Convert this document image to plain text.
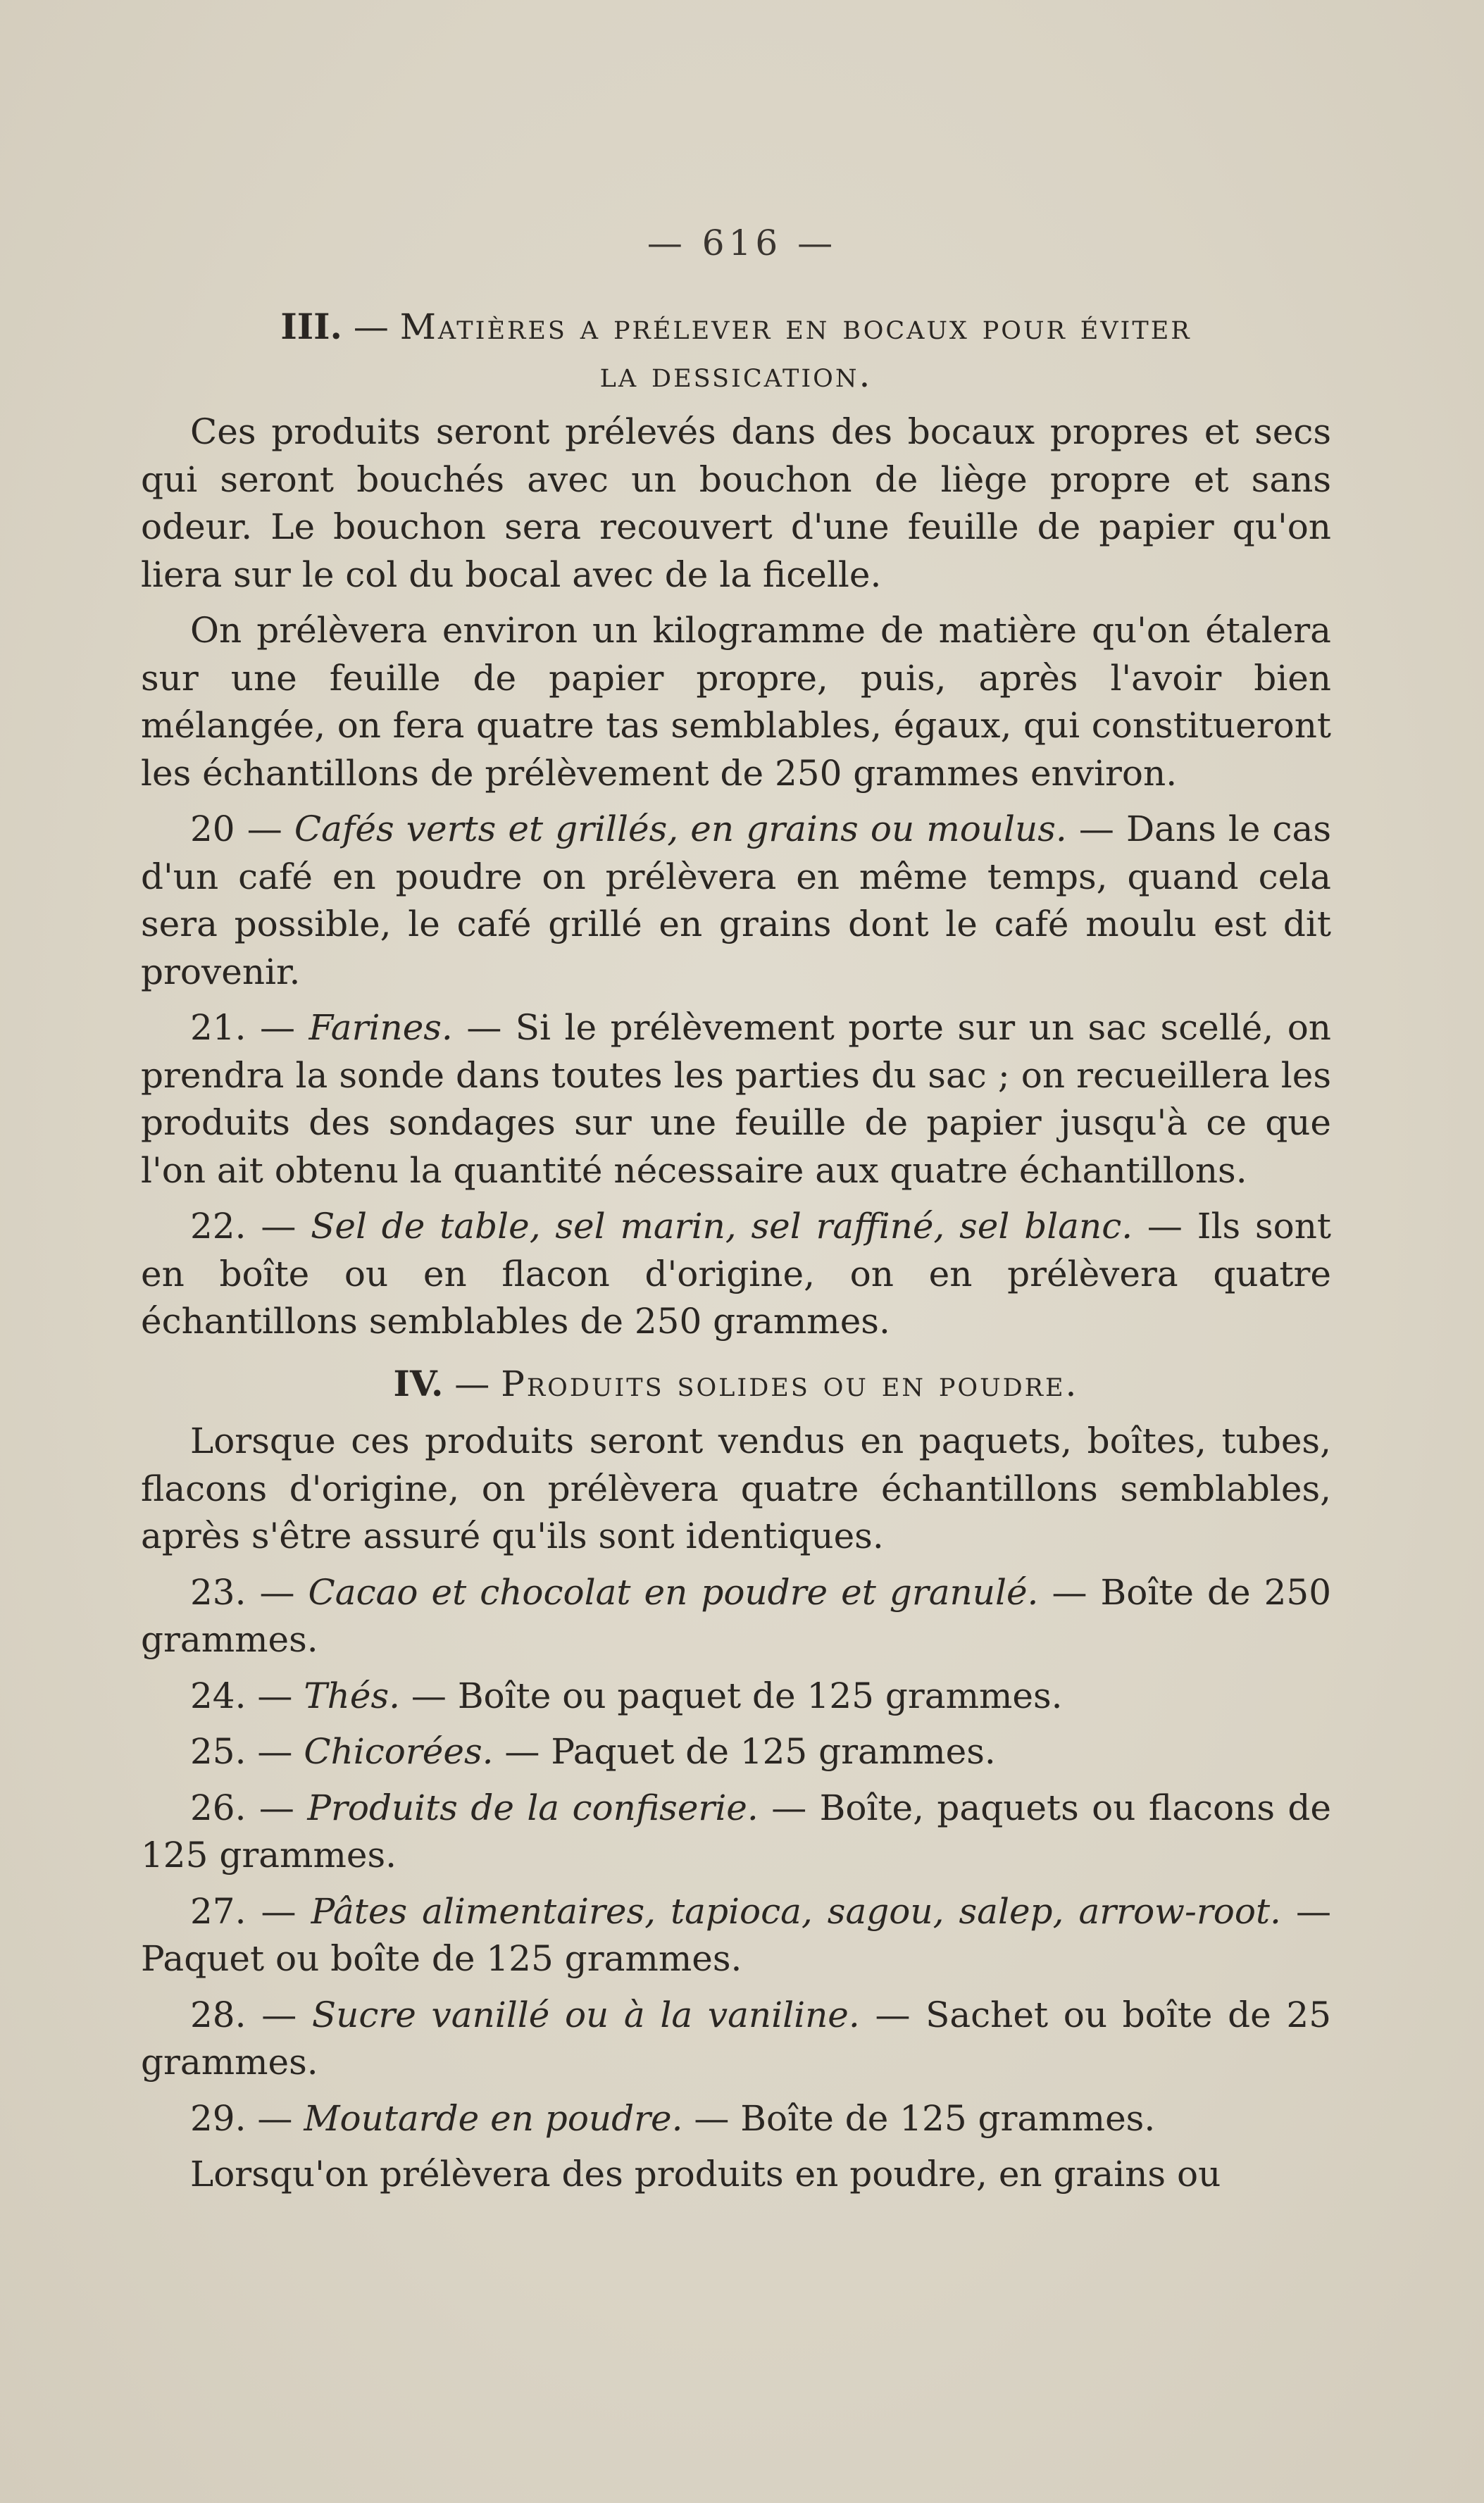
— 616 —

III. — Matières a prélever en bocaux pour éviter

la dessication.

Ces produits seront prélevés dans des bocaux propres et secs qui seront bouchés avec un bouchon de liège propre et sans odeur. Le bouchon sera recouvert d'une feuille de papier qu'on liera sur le col du bocal avec de la ficelle.

On prélèvera environ un kilogramme de matière qu'on étalera sur une feuille de papier propre, puis, après l'avoir bien mélangée, on fera quatre tas semblables, égaux, qui constitueront les échantillons de prélèvement de 250 grammes environ.

20 — Cafés verts et grillés, en grains ou moulus. — Dans le cas d'un café en poudre on prélèvera en même temps, quand cela sera possible, le café grillé en grains dont le café moulu est dit provenir.

21. — Farines. — Si le prélèvement porte sur un sac scellé, on prendra la sonde dans toutes les parties du sac ; on recueillera les produits des sondages sur une feuille de papier jusqu'à ce que l'on ait obtenu la quantité nécessaire aux quatre échantillons.

22. — Sel de table, sel marin, sel raffiné, sel blanc. — Ils sont en boîte ou en flacon d'origine, on en prélèvera quatre échantillons semblables de 250 grammes.

IV. — Produits solides ou en poudre.

Lorsque ces produits seront vendus en paquets, boîtes, tubes, flacons d'origine, on prélèvera quatre échantillons semblables, après s'être assuré qu'ils sont identiques.

23. — Cacao et chocolat en poudre et granulé. — Boîte de 250 grammes.

24. — Thés. — Boîte ou paquet de 125 grammes.

25. — Chicorées. — Paquet de 125 grammes.

26. — Produits de la confiserie. — Boîte, paquets ou flacons de 125 grammes.

27. — Pâtes alimentaires, tapioca, sagou, salep, arrow-root. — Paquet ou boîte de 125 grammes.

28. — Sucre vanillé ou à la vaniline. — Sachet ou boîte de 25 grammes.

29. — Moutarde en poudre. — Boîte de 125 grammes.

Lorsqu'on prélèvera des produits en poudre, en grains ou
